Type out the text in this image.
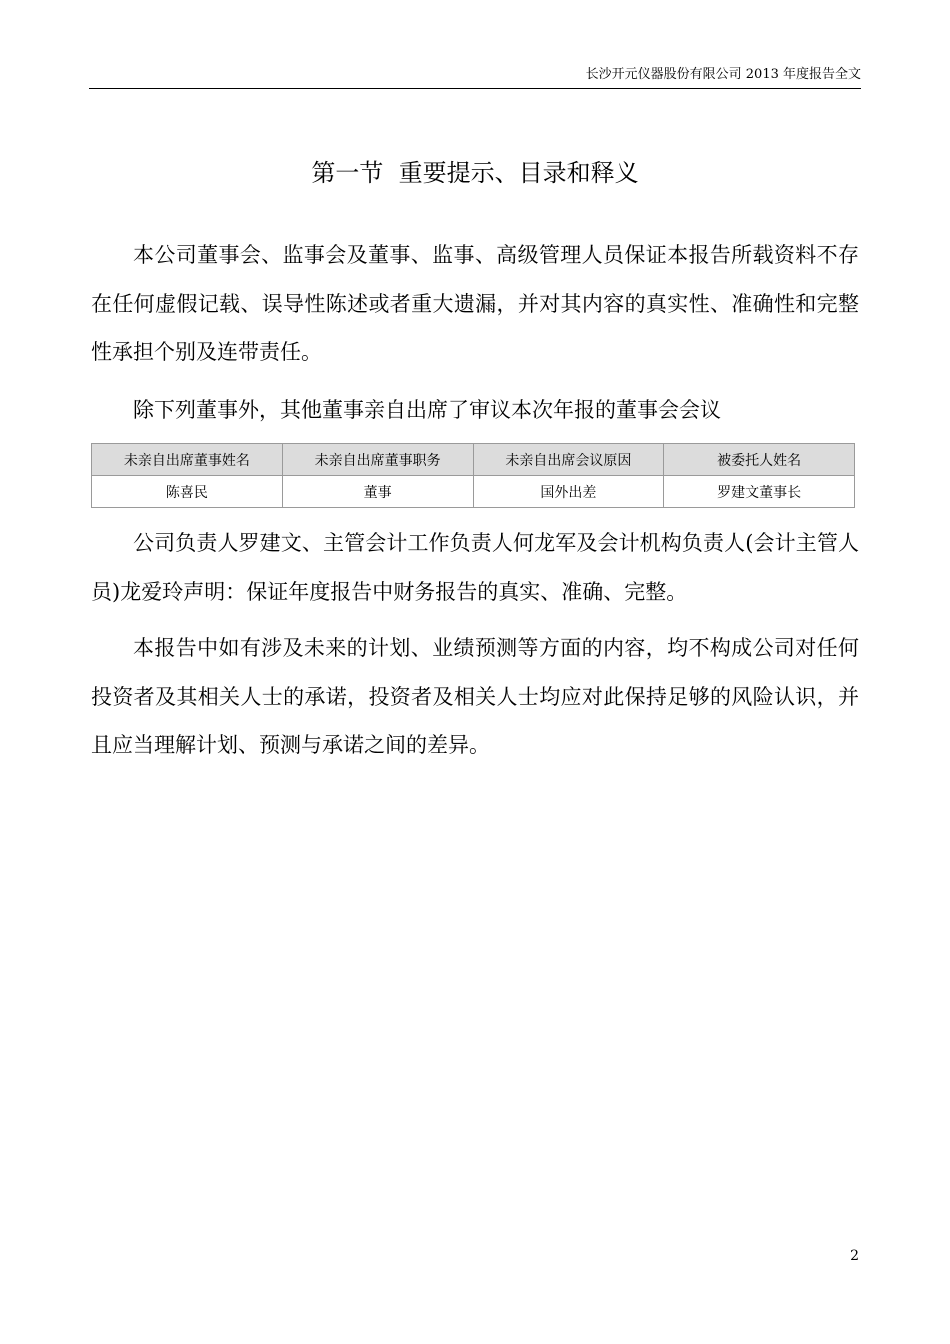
长沙开元仪器股份有限公司 2013 年度报告全文
第一节  重要提示、目录和释义

本公司董事会、监事会及董事、监事、高级管理人员保证本报告所载资料不存在任何虚假记载、误导性陈述或者重大遗漏，并对其内容的真实性、准确性和完整性承担个别及连带责任。

除下列董事外，其他董事亲自出席了审议本次年报的董事会会议

未亲自出席董事姓名	未亲自出席董事职务	未亲自出席会议原因	被委托人姓名
陈喜民	董事	国外出差	罗建文董事长

公司负责人罗建文、主管会计工作负责人何龙军及会计机构负责人(会计主管人员)龙爱玲声明：保证年度报告中财务报告的真实、准确、完整。

本报告中如有涉及未来的计划、业绩预测等方面的内容，均不构成公司对任何投资者及其相关人士的承诺，投资者及相关人士均应对此保持足够的风险认识，并且应当理解计划、预测与承诺之间的差异。

2
